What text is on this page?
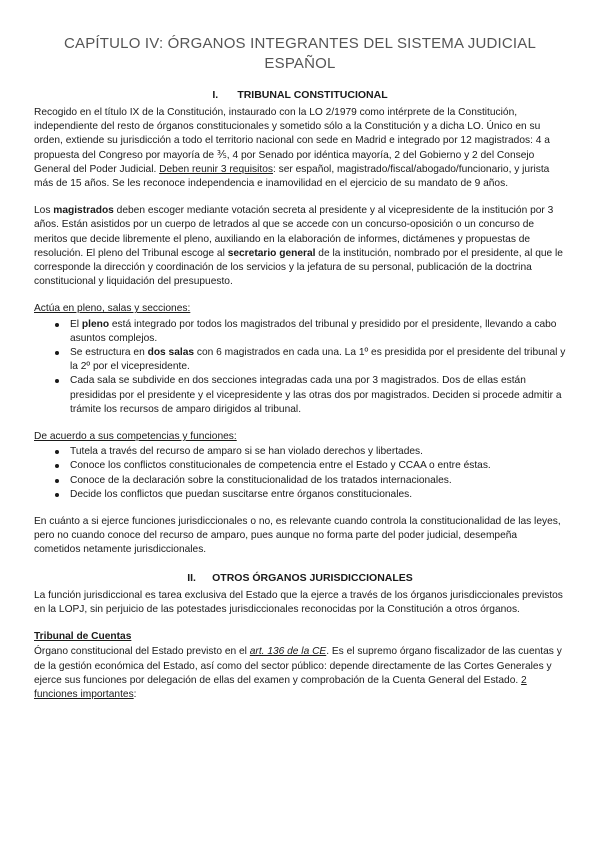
CAPÍTULO IV: ÓRGANOS INTEGRANTES DEL SISTEMA JUDICIAL ESPAÑOL
I. TRIBUNAL CONSTITUCIONAL

Recogido en el título IX de la Constitución, instaurado con la LO 2/1979 como intérprete de la Constitución, independiente del resto de órganos constitucionales y sometido sólo a la Constitución y a dicha LO. Único en su orden, extiende su jurisdicción a todo el territorio nacional con sede en Madrid e integrado por 12 magistrados: 4 a propuesta del Congreso por mayoría de ⅗, 4 por Senado por idéntica mayoría, 2 del Gobierno y 2 del Consejo General del Poder Judicial. Deben reunir 3 requisitos: ser español, magistrado/fiscal/abogado/funcionario, y jurista más de 15 años. Se les reconoce independencia e inamovilidad en el ejercicio de su mandato de 9 años.

Los magistrados deben escoger mediante votación secreta al presidente y al vicepresidente de la institución por 3 años. Están asistidos por un cuerpo de letrados al que se accede con un concurso-oposición o un concurso de meritos que decide libremente el pleno, auxiliando en la elaboración de informes, dictámenes y propuestas de resolución. El pleno del Tribunal escoge al secretario general de la institución, nombrado por el presidente, al que le corresponde la dirección y coordinación de los servicios y la jefatura de su personal, publicación de la doctrina constitucional y liquidación del presupuesto.

Actúa en pleno, salas y secciones:

El pleno está integrado por todos los magistrados del tribunal y presidido por el presidente, llevando a cabo asuntos complejos.
Se estructura en dos salas con 6 magistrados en cada una. La 1º es presidida por el presidente del tribunal y la 2º por el vicepresidente.
Cada sala se subdivide en dos secciones integradas cada una por 3 magistrados. Dos de ellas están presididas por el presidente y el vicepresidente y las otras dos por magistrados. Deciden si procede admitir a trámite los recursos de amparo dirigidos al tribunal.

De acuerdo a sus competencias y funciones:

Tutela a través del recurso de amparo si se han violado derechos y libertades.
Conoce los conflictos constitucionales de competencia entre el Estado y CCAA o entre éstas.
Conoce de la declaración sobre la constitucionalidad de los tratados internacionales.
Decide los conflictos que puedan suscitarse entre órganos constitucionales.

En cuánto a si ejerce funciones jurisdiccionales o no, es relevante cuando controla la constitucionalidad de las leyes, pero no cuando conoce del recurso de amparo, pues aunque no forma parte del poder judicial, desempeña cometidos netamente jurisdiccionales.

II. OTROS ÓRGANOS JURISDICCIONALES

La función jurisdiccional es tarea exclusiva del Estado que la ejerce a través de los órganos jurisdiccionales previstos en la LOPJ, sin perjuicio de las potestades jurisdiccionales reconocidas por la Constitución a otros órganos.

Tribunal de Cuentas

Órgano constitucional del Estado previsto en el art. 136 de la CE. Es el supremo órgano fiscalizador de las cuentas y de la gestión económica del Estado, así como del sector público: depende directamente de las Cortes Generales y ejerce sus funciones por delegación de ellas del examen y comprobación de la Cuenta General del Estado. 2 funciones importantes:
